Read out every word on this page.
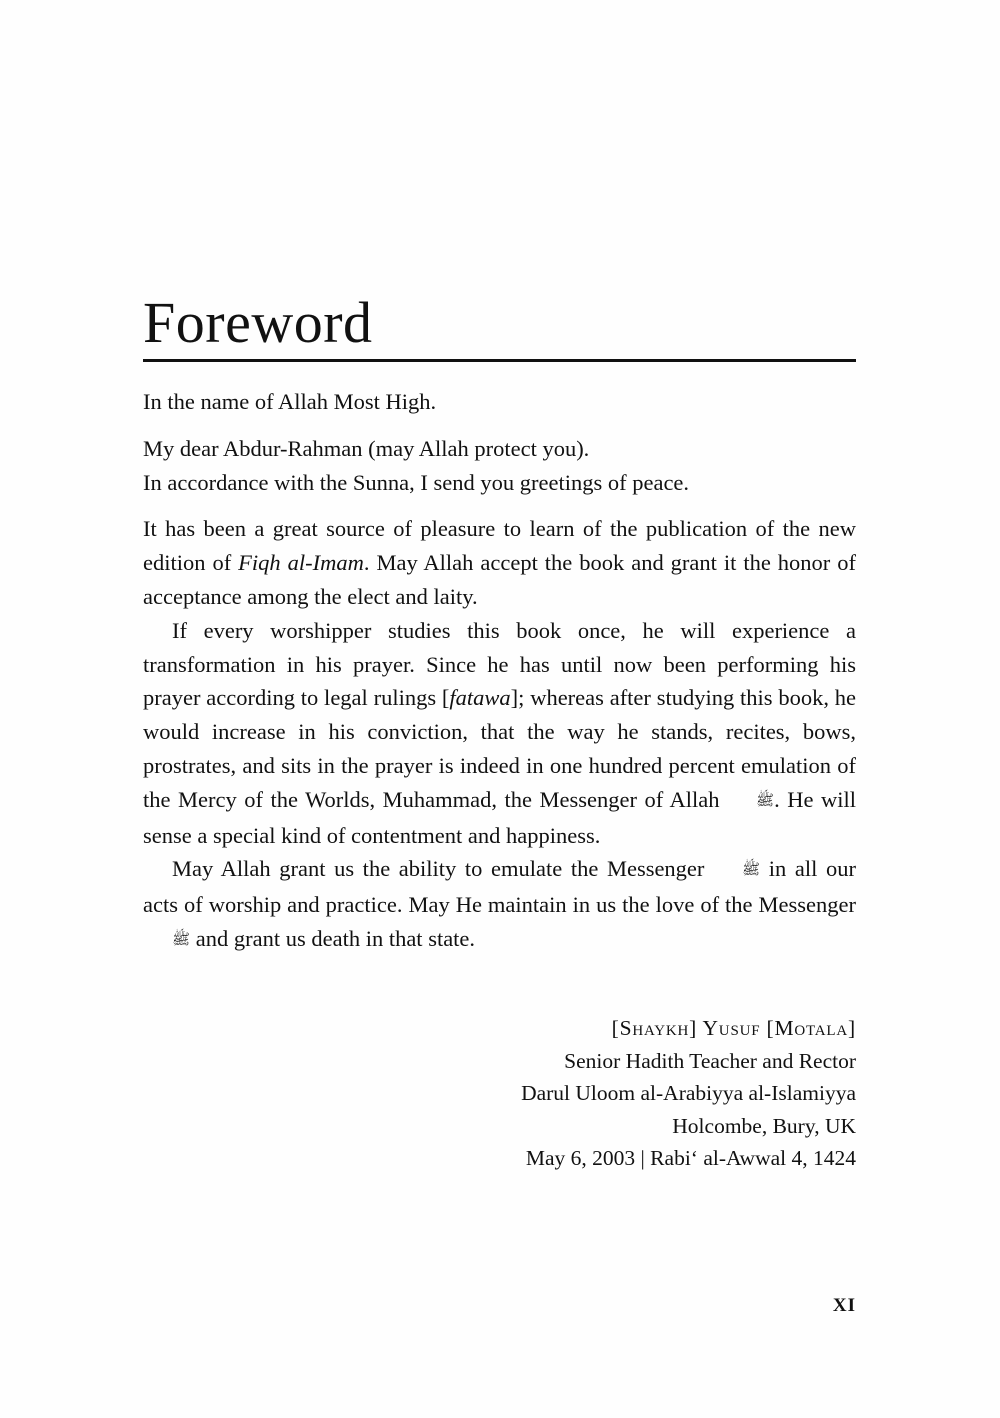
Foreword

In the name of Allah Most High.

My dear Abdur-Rahman (may Allah protect you).

In accordance with the Sunna, I send you greetings of peace.

It has been a great source of pleasure to learn of the publication of the new edition of Fiqh al-Imam. May Allah accept the book and grant it the honor of acceptance among the elect and laity.

If every worshipper studies this book once, he will experience a transformation in his prayer. Since he has until now been performing his prayer according to legal rulings [fatawa]; whereas after studying this book, he would increase in his conviction, that the way he stands, recites, bows, prostrates, and sits in the prayer is indeed in one hundred percent emulation of the Mercy of the Worlds, Muhammad, the Messenger of Allah ﷺ. He will sense a special kind of contentment and happiness.

May Allah grant us the ability to emulate the Messenger ﷺ in all our acts of worship and practice. May He maintain in us the love of the Messenger ﷺ and grant us death in that state.

[Shaykh] Yusuf [Motala]
Senior Hadith Teacher and Rector
Darul Uloom al-Arabiyya al-Islamiyya
Holcombe, Bury, UK
May 6, 2003 | Rabi‘ al-Awwal 4, 1424
XI
